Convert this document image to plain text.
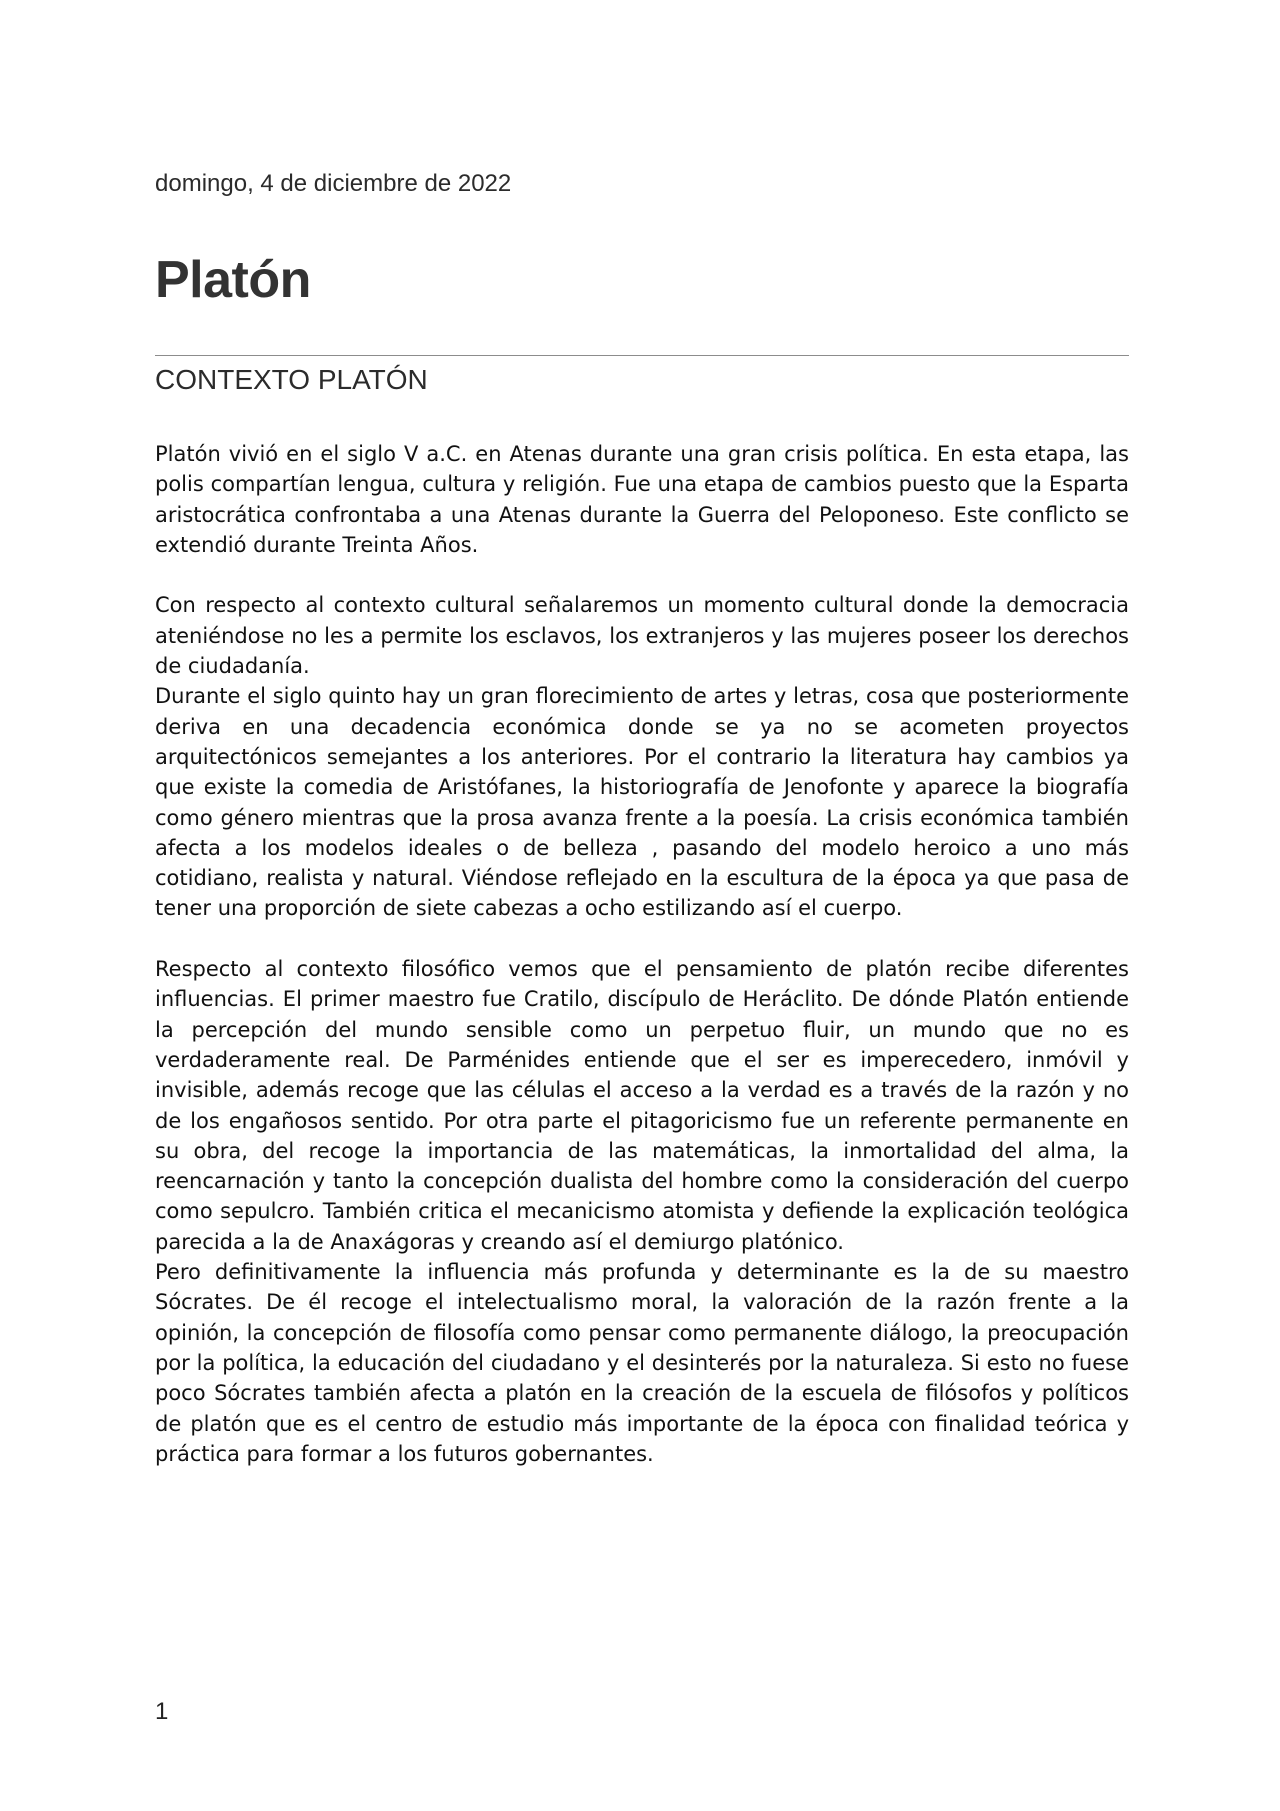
domingo, 4 de diciembre de 2022
Platón
CONTEXTO PLATÓN

Platón vivió en el siglo V a.C. en Atenas durante una gran crisis política. En esta etapa, las polis compartían lengua, cultura y religión. Fue una etapa de cambios puesto que la Esparta aristocrática confrontaba a una Atenas durante la Guerra del Peloponeso. Este conflicto se extendió durante Treinta Años.

Con respecto al contexto cultural señalaremos un momento cultural donde la democracia ateniéndose no les a permite los esclavos, los extranjeros y las mujeres poseer los derechos de ciudadanía.

Durante el siglo quinto hay un gran florecimiento de artes y letras, cosa que posteriormente deriva en una decadencia económica donde se ya no se acometen proyectos arquitectónicos semejantes a los anteriores. Por el contrario la literatura hay cambios ya que existe la comedia de Aristófanes, la historiografía de Jenofonte y aparece la biografía como género mientras que la prosa avanza frente a la poesía. La crisis económica también afecta a los modelos ideales o de belleza , pasando del modelo heroico a uno más cotidiano, realista y natural. Viéndose reflejado en la escultura de la época ya que pasa de tener una proporción de siete cabezas a ocho estilizando así el cuerpo.

Respecto al contexto filosófico vemos que el pensamiento de platón recibe diferentes influencias. El primer maestro fue Cratilo, discípulo de Heráclito. De dónde Platón entiende la percepción del mundo sensible como un perpetuo fluir, un mundo que no es verdaderamente real. De Parménides entiende que el ser es imperecedero, inmóvil y invisible, además recoge que las células el acceso a la verdad es a través de la razón y no de los engañosos sentido. Por otra parte el pitagoricismo fue un referente permanente en su obra, del recoge la importancia de las matemáticas, la inmortalidad del alma, la reencarnación y tanto la concepción dualista del hombre como la consideración del cuerpo como sepulcro. También critica el mecanicismo atomista y defiende la explicación teológica parecida a la de Anaxágoras y creando así el demiurgo platónico.

Pero definitivamente la influencia más profunda y determinante es la de su maestro Sócrates. De él recoge el intelectualismo moral, la valoración de la razón frente a la opinión, la concepción de filosofía como pensar como permanente diálogo, la preocupación por la política, la educación del ciudadano y el desinterés por la naturaleza. Si esto no fuese poco Sócrates también afecta a platón en la creación de la escuela de filósofos y políticos de platón que es el centro de estudio más importante de la época con finalidad teórica y práctica para formar a los futuros gobernantes.

1
